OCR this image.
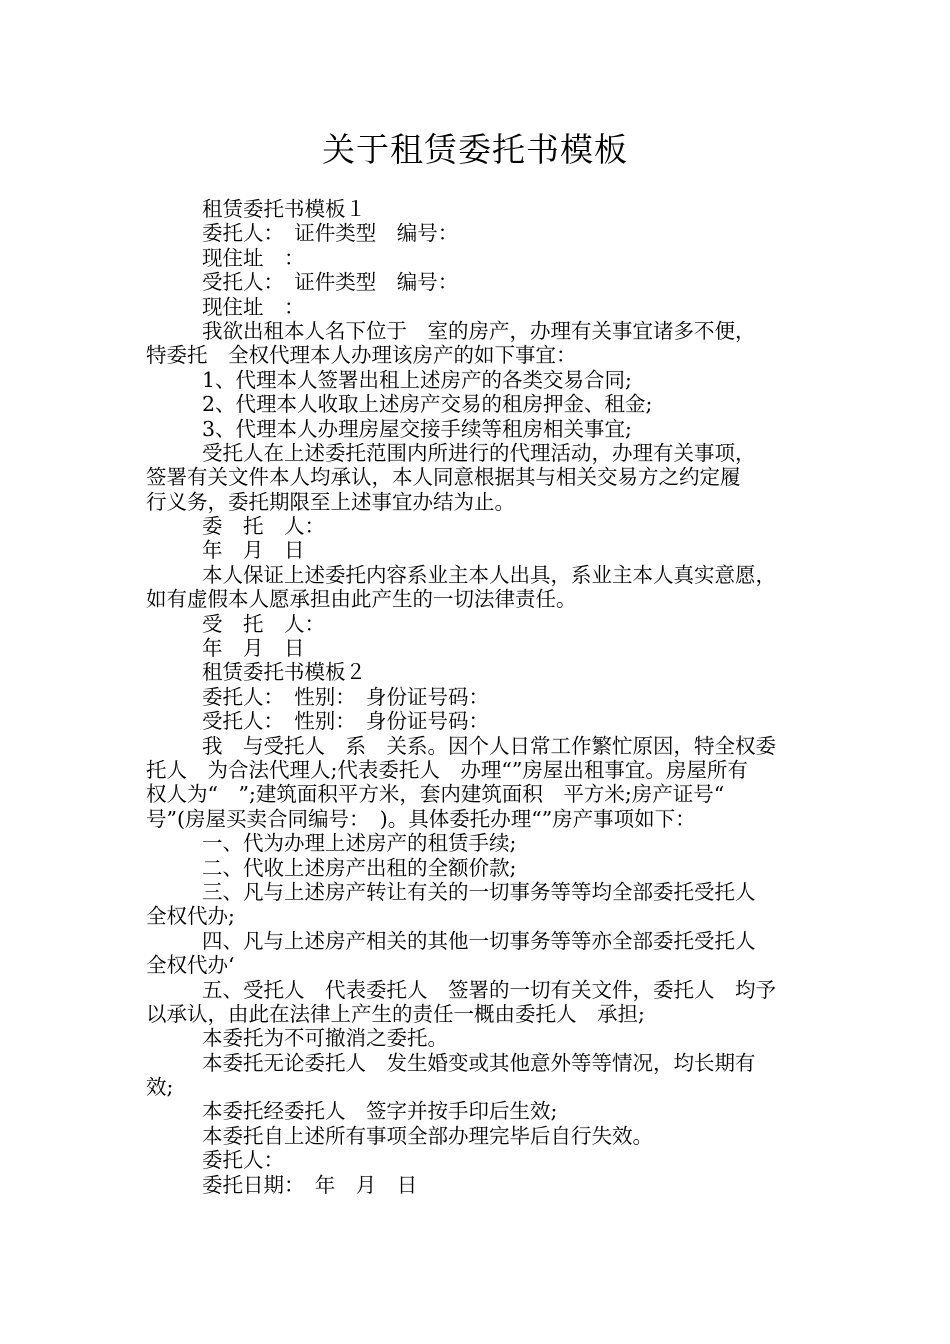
关于租赁委托书模板
租赁委托书模板１
委托人：　证件类型　编号：
现住址　：
受托人：　证件类型　编号：
现住址　：
我欲出租本人名下位于　室的房产，办理有关事宜诸多不便，
特委托　全权代理本人办理该房产的如下事宜：
1、代理本人签署出租上述房产的各类交易合同;
2、代理本人收取上述房产交易的租房押金、租金;
3、代理本人办理房屋交接手续等租房相关事宜;
受托人在上述委托范围内所进行的代理活动，办理有关事项，
签署有关文件本人均承认，本人同意根据其与相关交易方之约定履
行义务，委托期限至上述事宜办结为止。
委　托　人：
年　月　日
本人保证上述委托内容系业主本人出具，系业主本人真实意愿，
如有虚假本人愿承担由此产生的一切法律责任。
受　托　人：
年　月　日
租赁委托书模板２
委托人：　性别：　身份证号码：
受托人：　性别：　身份证号码：
我　与受托人　系　关系。因个人日常工作繁忙原因，特全权委
托人　为合法代理人;代表委托人　办理“”房屋出租事宜。房屋所有
权人为“　”;建筑面积平方米，套内建筑面积　平方米;房产证号“
号”(房屋买卖合同编号：　)。具体委托办理“”房产事项如下：
一、代为办理上述房产的租赁手续;
二、代收上述房产出租的全额价款;
三、凡与上述房产转让有关的一切事务等等均全部委托受托人
全权代办;
四、凡与上述房产相关的其他一切事务等等亦全部委托受托人
全权代办‘
五、受托人　代表委托人　签署的一切有关文件，委托人　均予
以承认，由此在法律上产生的责任一概由委托人　承担;
本委托为不可撤消之委托。
本委托无论委托人　发生婚变或其他意外等等情况，均长期有
效;
本委托经委托人　签字并按手印后生效;
本委托自上述所有事项全部办理完毕后自行失效。
委托人：
委托日期：　年　月　日
